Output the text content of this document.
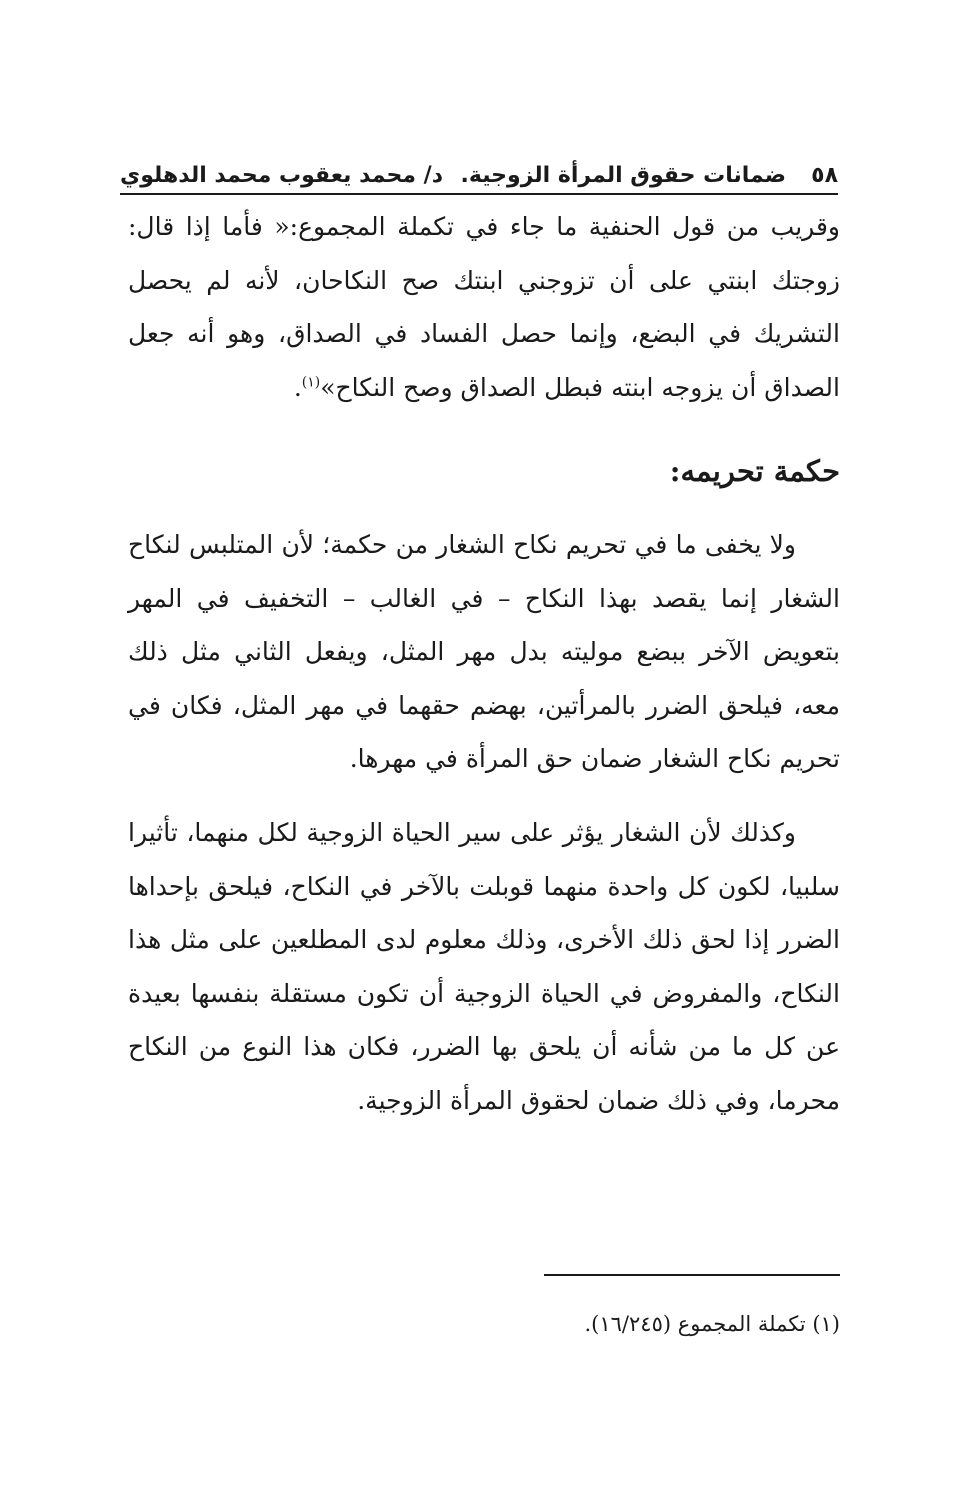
٥٨
ضمانات حقوق المرأة الزوجية.
د/ محمد يعقوب محمد الدهلوي

وقريب من قول الحنفية ما جاء في تكملة المجموع:« فأما إذا قال: زوجتك ابنتي على أن تزوجني ابنتك صح النكاحان، لأنه لم يحصل التشريك في البضع، وإنما حصل الفساد في الصداق، وهو أنه جعل الصداق أن يزوجه ابنته فبطل الصداق وصح النكاح»$^{(١)}$.

حكمة تحريمه:

ولا يخفى ما في تحريم نكاح الشغار من حكمة؛ لأن المتلبس لنكاح الشغار إنما يقصد بهذا النكاح – في الغالب – التخفيف في المهر بتعويض الآخر ببضع موليته بدل مهر المثل، ويفعل الثاني مثل ذلك معه، فيلحق الضرر بالمرأتين، بهضم حقهما في مهر المثل، فكان في تحريم نكاح الشغار ضمان حق المرأة في مهرها.

وكذلك لأن الشغار يؤثر على سير الحياة الزوجية لكل منهما، تأثيرا سلبيا، لكون كل واحدة منهما قوبلت بالآخر في النكاح، فيلحق بإحداها الضرر إذا لحق ذلك الأخرى، وذلك معلوم لدى المطلعين على مثل هذا النكاح، والمفروض في الحياة الزوجية أن تكون مستقلة بنفسها بعيدة عن كل ما من شأنه أن يلحق بها الضرر، فكان هذا النوع من النكاح محرما، وفي ذلك ضمان لحقوق المرأة الزوجية.

(١) تكملة المجموع (١٦/٢٤٥).
